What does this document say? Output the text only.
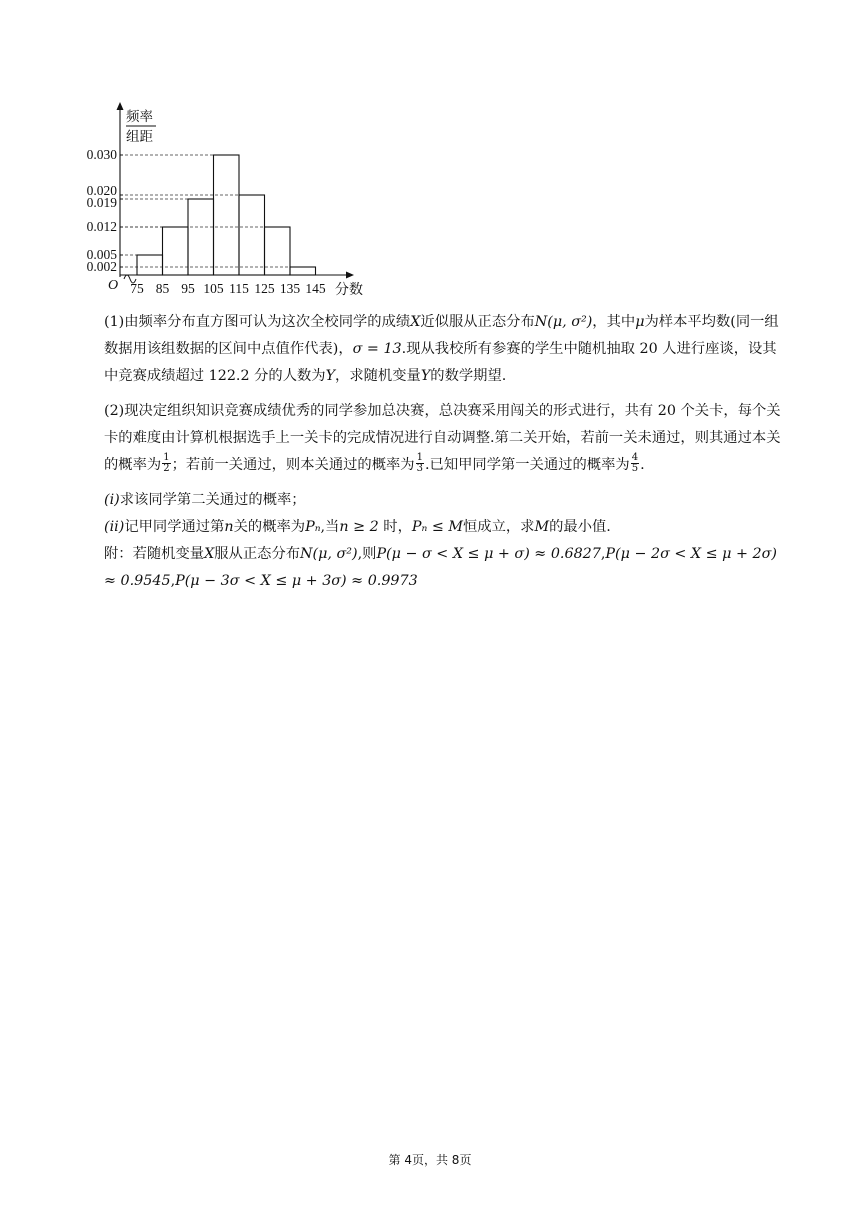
0.002
0.005
0.012
0.019
0.020
0.030
75 85 95 105 115 125 135 145
O	分数
频率
组距

(1)由频率分布直方图可认为这次全校同学的成绩X近似服从正态分布N(μ, σ²)，其中μ为样本平均数(同一组数据用该组数据的区间中点值作代表)，σ = 13.现从我校所有参赛的学生中随机抽取 20 人进行座谈，设其中竞赛成绩超过 122.2 分的人数为Y，求随机变量Y的数学期望.

(2)现决定组织知识竞赛成绩优秀的同学参加总决赛，总决赛采用闯关的形式进行，共有 20 个关卡，每个关卡的难度由计算机根据选手上一关卡的完成情况进行自动调整.第二关开始，若前一关未通过，则其通过本关的概率为 $\frac{1}{2}$ ；若前一关通过，则本关通过的概率为 $\frac{1}{3}$ .已知甲同学第一关通过的概率为 $\frac{4}{5}$ .

(i)求该同学第二关通过的概率；

(ii)记甲同学通过第n关的概率为Pₙ,当n ≥ 2 时，Pₙ ≤ M恒成立，求M的最小值.

附：若随机变量X服从正态分布N(μ, σ²),则P(μ − σ < X ≤ μ + σ) ≈ 0.6827,P(μ − 2σ < X ≤ μ + 2σ) ≈ 0.9545,P(μ − 3σ < X ≤ μ + 3σ) ≈ 0.9973

第 4页，共 8页
